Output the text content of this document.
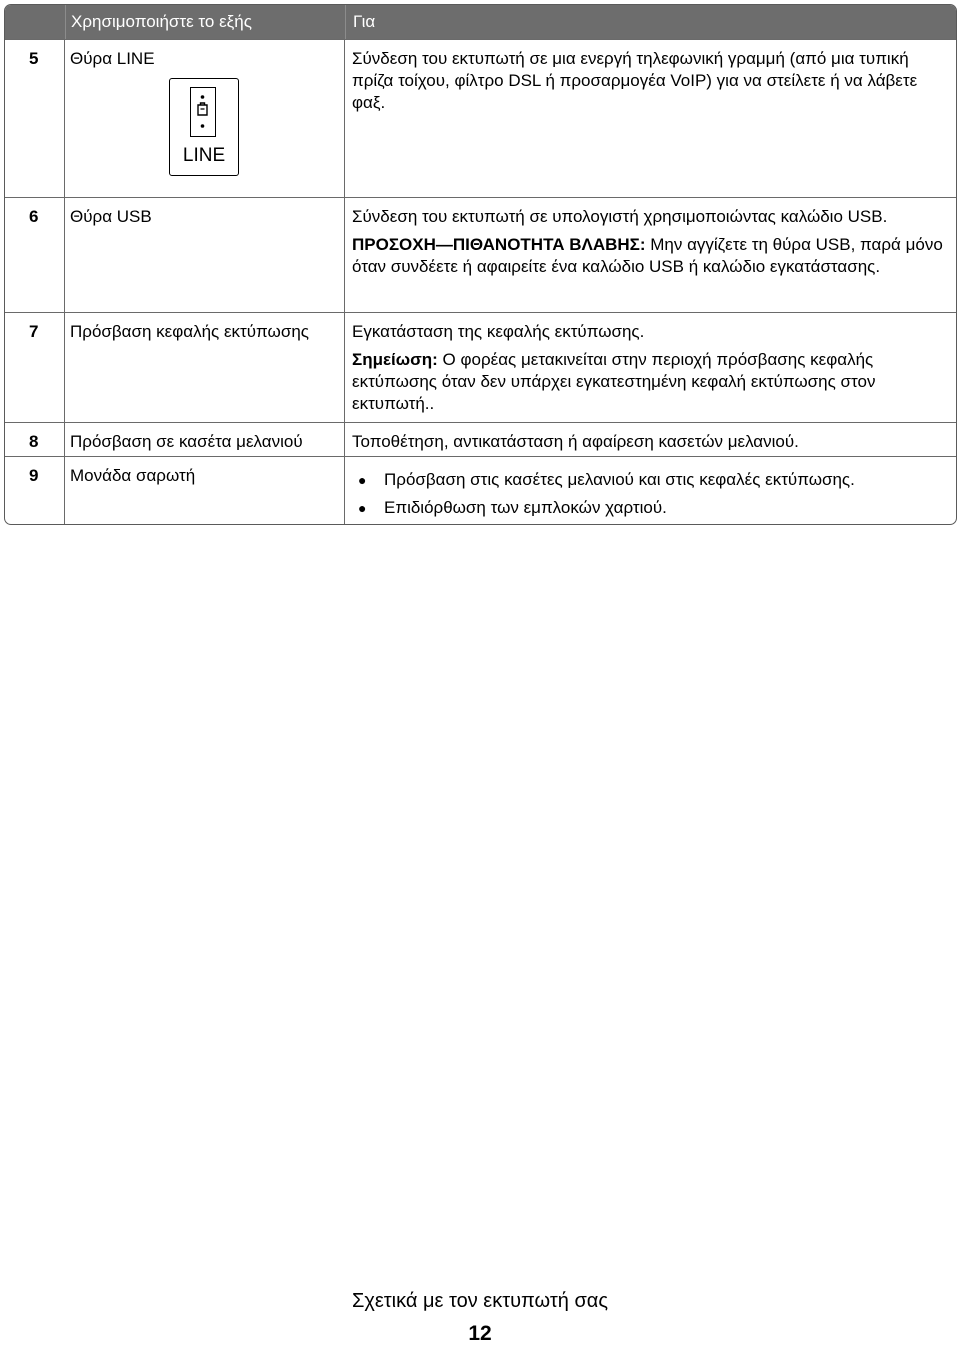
Χρησιμοποιήστε το εξής	Για
5	Θύρα LINE
LINE

Σύνδεση του εκτυπωτή σε μια ενεργή τηλεφωνική γραμμή (από μια τυπική πρίζα τοίχου, φίλτρο DSL ή προσαρμογέα VoIP) για να στείλετε ή να λάβετε φαξ.

6	Θύρα USB	Σύνδεση του εκτυπωτή σε υπολογιστή χρησιμοποιώντας καλώδιο USB.

ΠΡΟΣΟΧΗ—ΠΙΘΑΝΟΤΗΤΑ ΒΛΑΒΗΣ: Μην αγγίζετε τη θύρα USB, παρά μόνο όταν συνδέετε ή αφαιρείτε ένα καλώδιο USB ή καλώδιο εγκατάστασης.

7	Πρόσβαση κεφαλής εκτύπωσης	Εγκατάσταση της κεφαλής εκτύπωσης.

Σημείωση: Ο φορέας μετακινείται στην περιοχή πρόσβασης κεφαλής εκτύπωσης όταν δεν υπάρχει εγκατεστημένη κεφαλή εκτύπωσης στον εκτυπωτή..

8	Πρόσβαση σε κασέτα μελανιού	Τοποθέτηση, αντικατάσταση ή αφαίρεση κασετών μελανιού.

9	Μονάδα σαρωτή	●	Πρόσβαση στις κασέτες μελανιού και στις κεφαλές εκτύπωσης.
●	Επιδιόρθωση των εμπλοκών χαρτιού.
Σχετικά με τον εκτυπωτή σας
12
